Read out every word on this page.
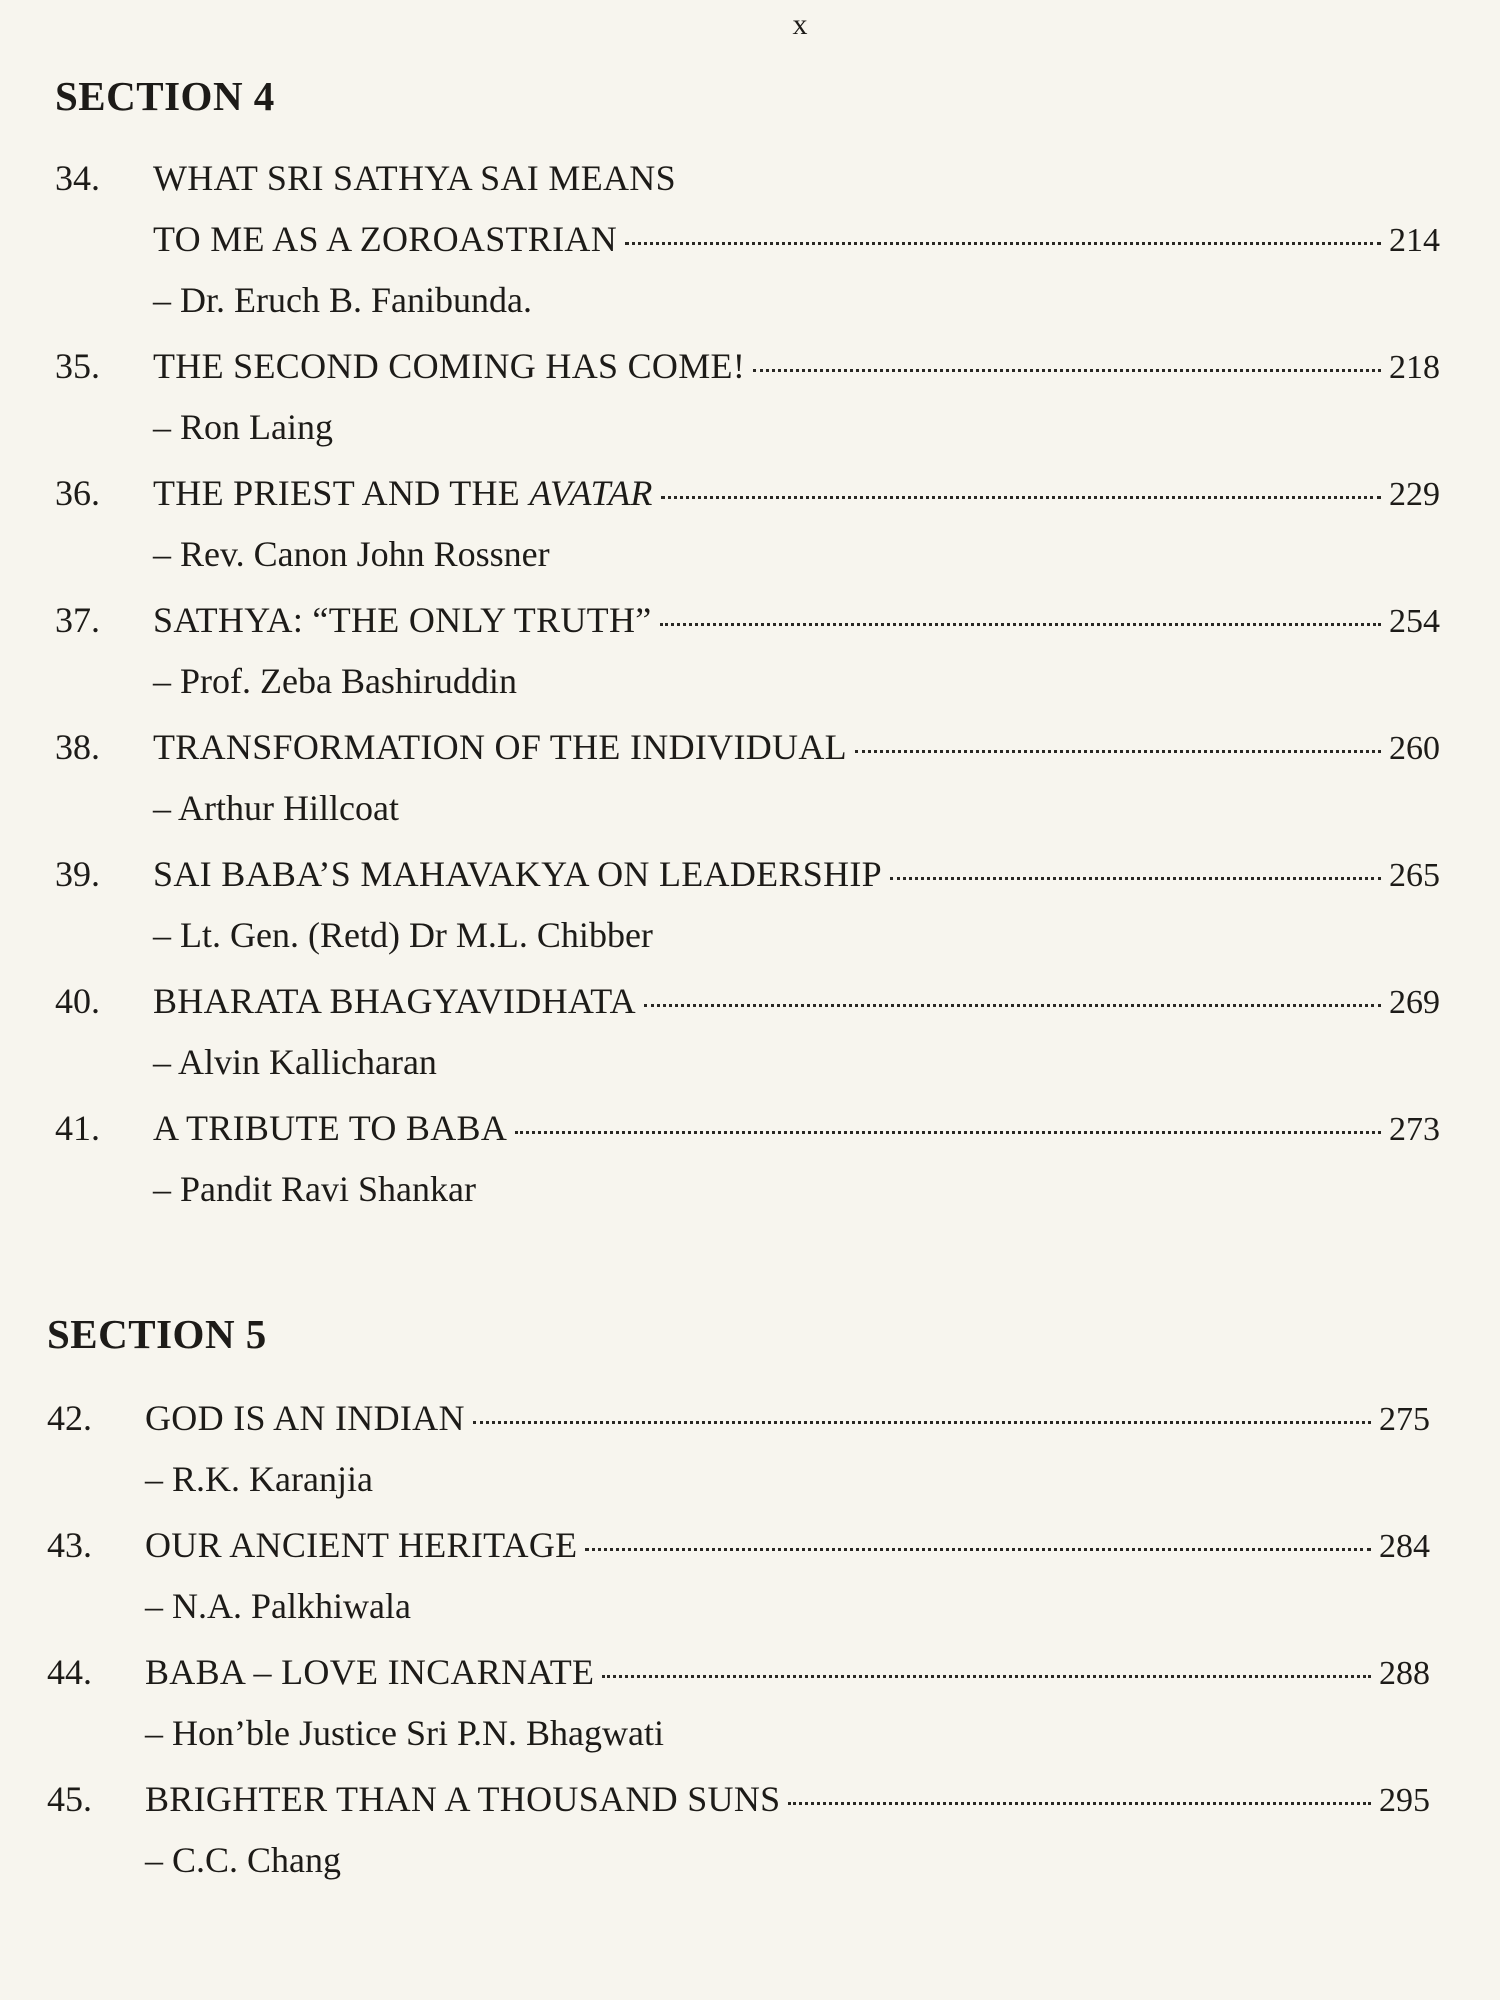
x
SECTION 4
34.	WHAT SRI SATHYA SAI MEANS
TO ME AS A ZOROASTRIAN	214
– Dr. Eruch B. Fanibunda.
35.	THE SECOND COMING HAS COME!	218
– Ron Laing
36.	THE PRIEST AND THE AVATAR	229
– Rev. Canon John Rossner
37.	SATHYA: “THE ONLY TRUTH”	254
– Prof. Zeba Bashiruddin
38.	TRANSFORMATION OF THE INDIVIDUAL	260
– Arthur Hillcoat
39.	SAI BABA’S MAHAVAKYA ON LEADERSHIP	265
– Lt. Gen. (Retd) Dr M.L. Chibber
40.	BHARATA BHAGYAVIDHATA	269
– Alvin Kallicharan
41.	A TRIBUTE TO BABA	273
– Pandit Ravi Shankar
SECTION 5
42.	GOD IS AN INDIAN	275
– R.K. Karanjia
43.	OUR ANCIENT HERITAGE	284
– N.A. Palkhiwala
44.	BABA – LOVE INCARNATE	288
– Hon’ble Justice Sri P.N. Bhagwati
45.	BRIGHTER THAN A THOUSAND SUNS	295
– C.C. Chang
